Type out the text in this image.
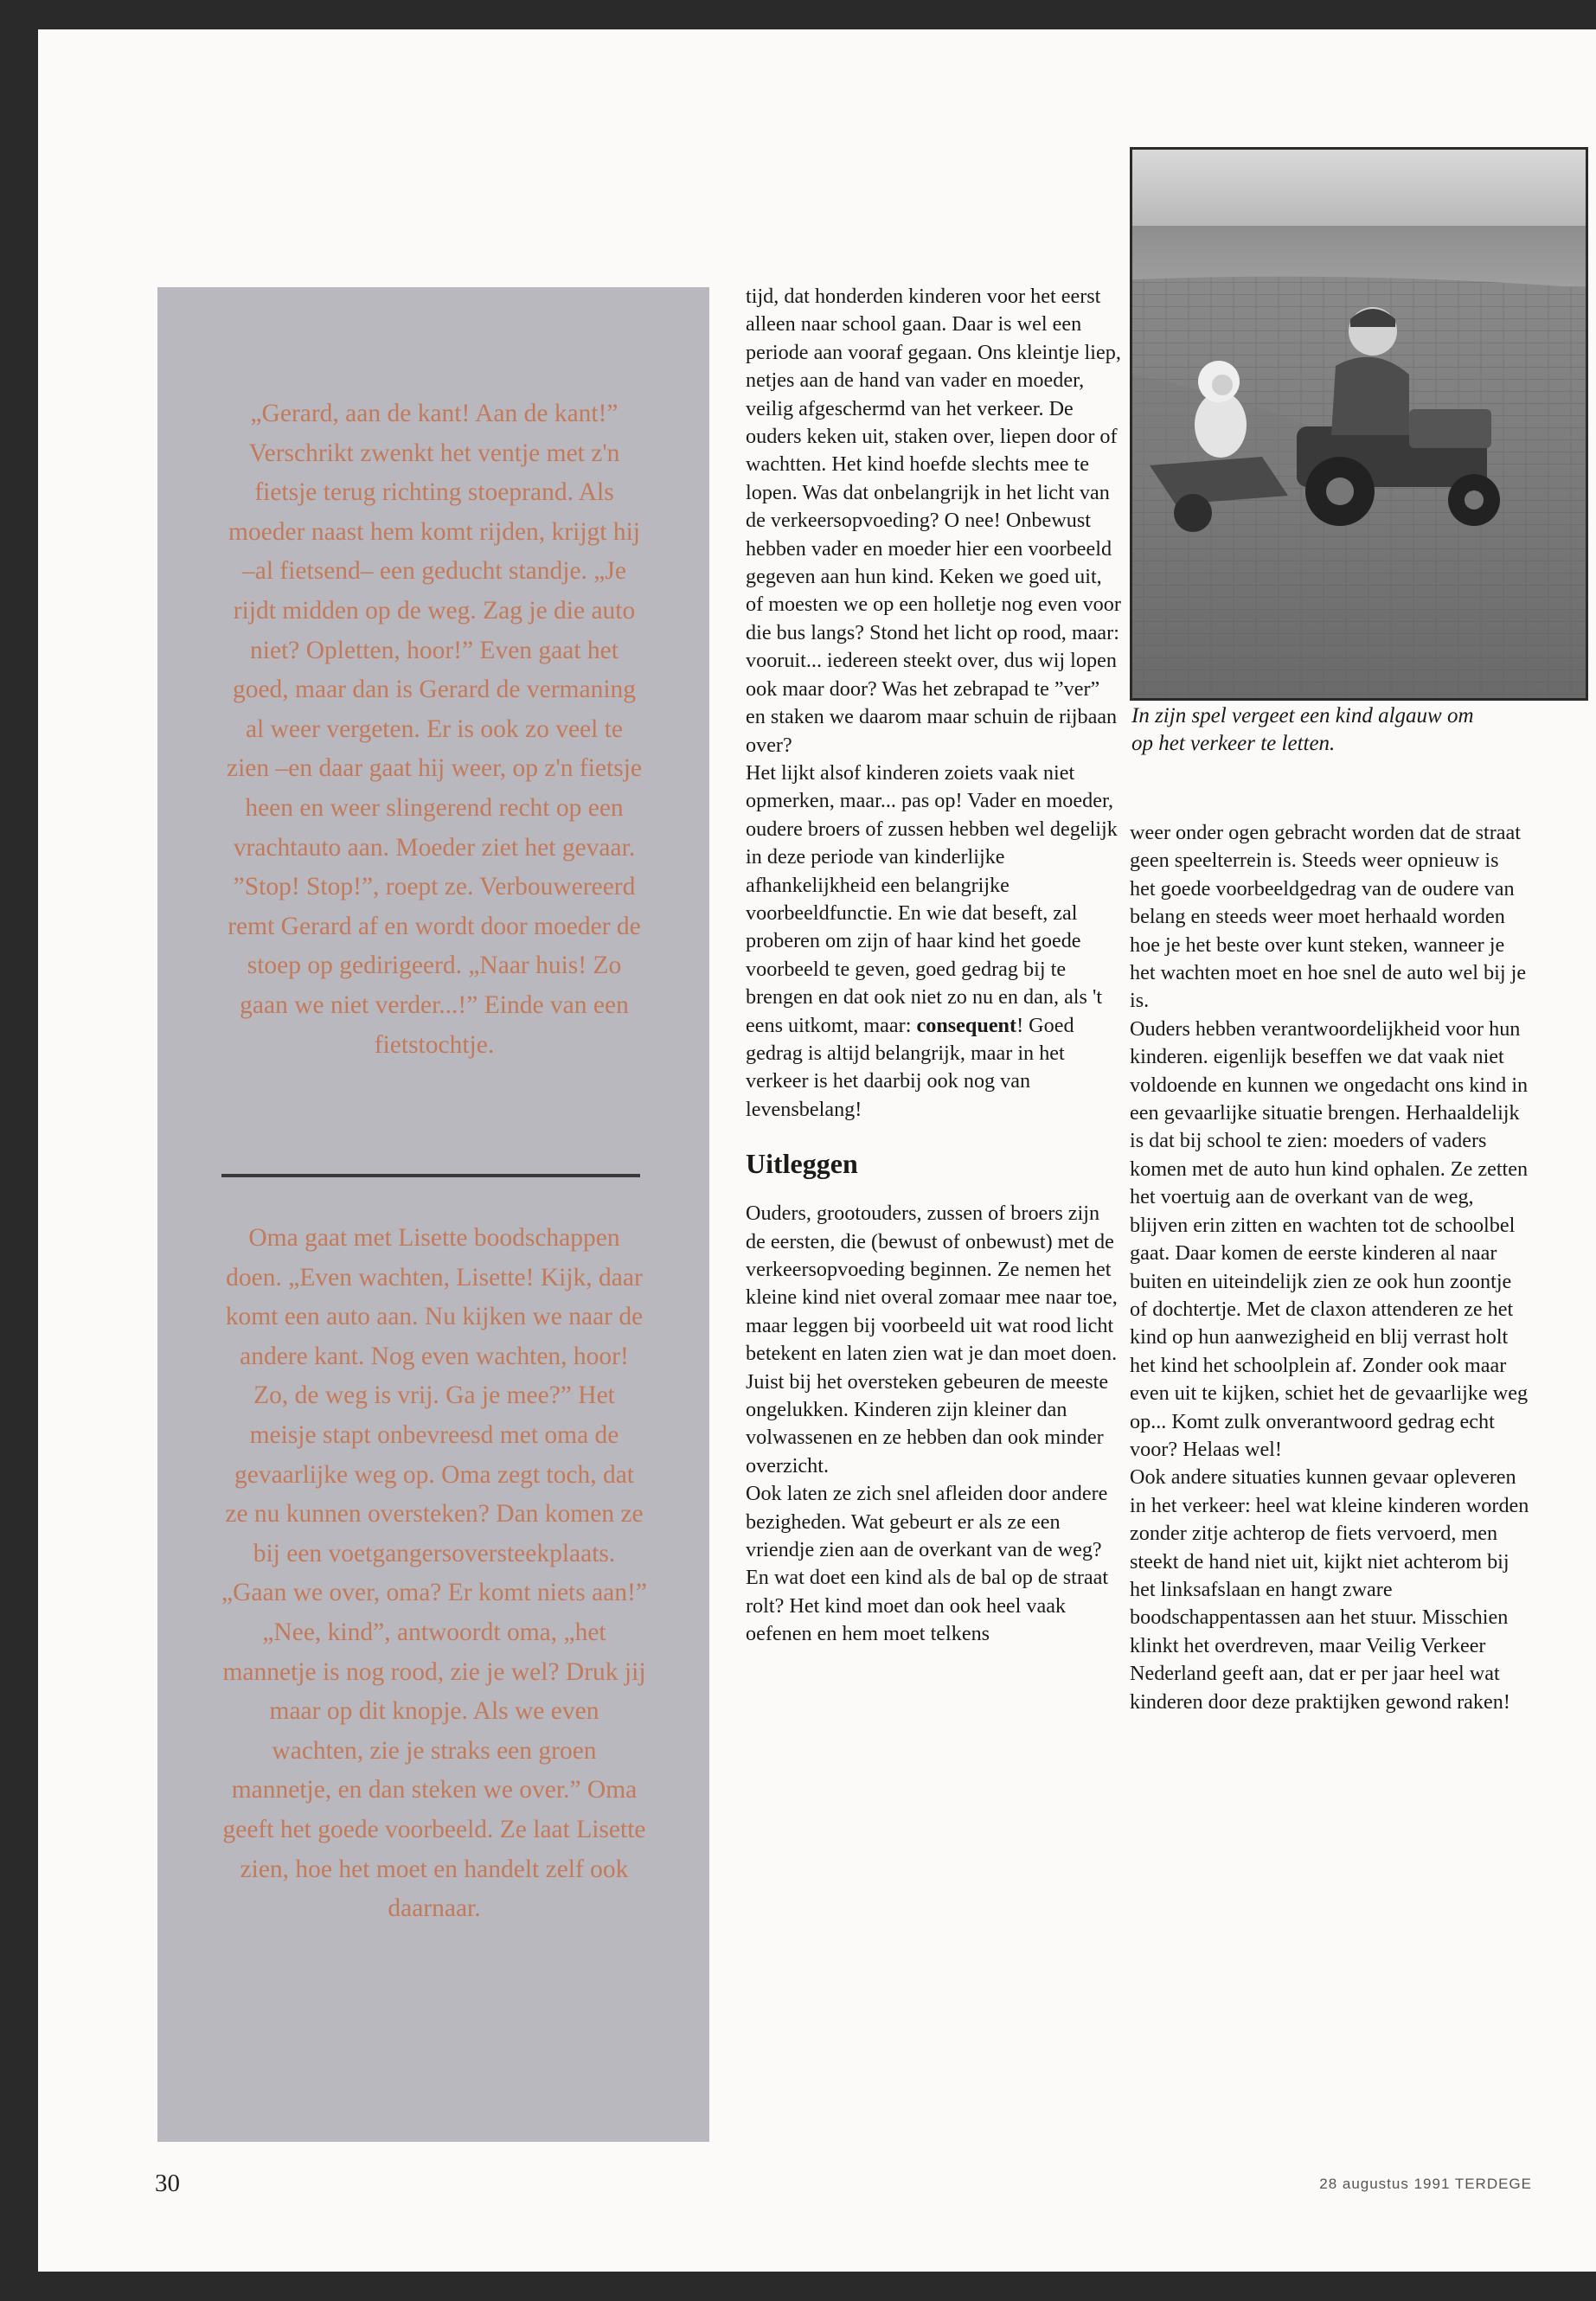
„Gerard, aan de kant! Aan de kant!” Verschrikt zwenkt het ventje met z'n fietsje terug richting stoeprand. Als moeder naast hem komt rijden, krijgt hij –al fietsend– een geducht standje. „Je rijdt midden op de weg. Zag je die auto niet? Opletten, hoor!” Even gaat het goed, maar dan is Gerard de vermaning al weer vergeten. Er is ook zo veel te zien –en daar gaat hij weer, op z'n fietsje heen en weer slingerend recht op een vrachtauto aan. Moeder ziet het gevaar. ”Stop! Stop!”, roept ze. Verbouwereerd remt Gerard af en wordt door moeder de stoep op gedirigeerd. „Naar huis! Zo gaan we niet verder...!” Einde van een fietstochtje.

Oma gaat met Lisette boodschappen doen. „Even wachten, Lisette! Kijk, daar komt een auto aan. Nu kijken we naar de andere kant. Nog even wachten, hoor! Zo, de weg is vrij. Ga je mee?” Het meisje stapt onbevreesd met oma de gevaarlijke weg op. Oma zegt toch, dat ze nu kunnen oversteken? Dan komen ze bij een voetgangersoversteekplaats. „Gaan we over, oma? Er komt niets aan!” „Nee, kind”, antwoordt oma, „het mannetje is nog rood, zie je wel? Druk jij maar op dit knopje. Als we even wachten, zie je straks een groen mannetje, en dan steken we over.” Oma geeft het goede voorbeeld. Ze laat Lisette zien, hoe het moet en handelt zelf ook daarnaar.

tijd, dat honderden kinderen voor het eerst alleen naar school gaan. Daar is wel een periode aan vooraf gegaan. Ons kleintje liep, netjes aan de hand van vader en moeder, veilig afgeschermd van het verkeer. De ouders keken uit, staken over, liepen door of wachtten. Het kind hoefde slechts mee te lopen. Was dat onbelangrijk in het licht van de verkeersopvoeding? O nee! Onbewust hebben vader en moeder hier een voorbeeld gegeven aan hun kind. Keken we goed uit, of moesten we op een holletje nog even voor die bus langs? Stond het licht op rood, maar: vooruit... iedereen steekt over, dus wij lopen ook maar door? Was het zebrapad te ”ver” en staken we daarom maar schuin de rijbaan over?

Het lijkt alsof kinderen zoiets vaak niet opmerken, maar... pas op! Vader en moeder, oudere broers of zussen hebben wel degelijk in deze periode van kinderlijke afhankelijkheid een belangrijke voorbeeldfunctie. En wie dat beseft, zal proberen om zijn of haar kind het goede voorbeeld te geven, goed gedrag bij te brengen en dat ook niet zo nu en dan, als 't eens uitkomt, maar: consequent! Goed gedrag is altijd belangrijk, maar in het verkeer is het daarbij ook nog van levensbelang!

Uitleggen

Ouders, grootouders, zussen of broers zijn de eersten, die (bewust of onbewust) met de verkeersopvoeding beginnen. Ze nemen het kleine kind niet overal zomaar mee naar toe, maar leggen bij voorbeeld uit wat rood licht betekent en laten zien wat je dan moet doen. Juist bij het oversteken gebeuren de meeste ongelukken. Kinderen zijn kleiner dan volwassenen en ze hebben dan ook minder overzicht.

Ook laten ze zich snel afleiden door andere bezigheden. Wat gebeurt er als ze een vriendje zien aan de overkant van de weg? En wat doet een kind als de bal op de straat rolt? Het kind moet dan ook heel vaak oefenen en hem moet telkens

In zijn spel vergeet een kind algauw om op het verkeer te letten.

weer onder ogen gebracht worden dat de straat geen speelterrein is. Steeds weer opnieuw is het goede voorbeeldgedrag van de oudere van belang en steeds weer moet herhaald worden hoe je het beste over kunt steken, wanneer je het wachten moet en hoe snel de auto wel bij je is.

Ouders hebben verantwoordelijkheid voor hun kinderen. eigenlijk beseffen we dat vaak niet voldoende en kunnen we ongedacht ons kind in een gevaarlijke situatie brengen. Herhaaldelijk is dat bij school te zien: moeders of vaders komen met de auto hun kind ophalen. Ze zetten het voertuig aan de overkant van de weg, blijven erin zitten en wachten tot de schoolbel gaat. Daar komen de eerste kinderen al naar buiten en uiteindelijk zien ze ook hun zoontje of dochtertje. Met de claxon attenderen ze het kind op hun aanwezigheid en blij verrast holt het kind het schoolplein af. Zonder ook maar even uit te kijken, schiet het de gevaarlijke weg op... Komt zulk onverantwoord gedrag echt voor? Helaas wel!

Ook andere situaties kunnen gevaar opleveren in het verkeer: heel wat kleine kinderen worden zonder zitje achterop de fiets vervoerd, men steekt de hand niet uit, kijkt niet achterom bij het linksafslaan en hangt zware boodschappentassen aan het stuur. Misschien klinkt het overdreven, maar Veilig Verkeer Nederland geeft aan, dat er per jaar heel wat kinderen door deze praktijken gewond raken!

30	28 augustus 1991 TERDEGE
